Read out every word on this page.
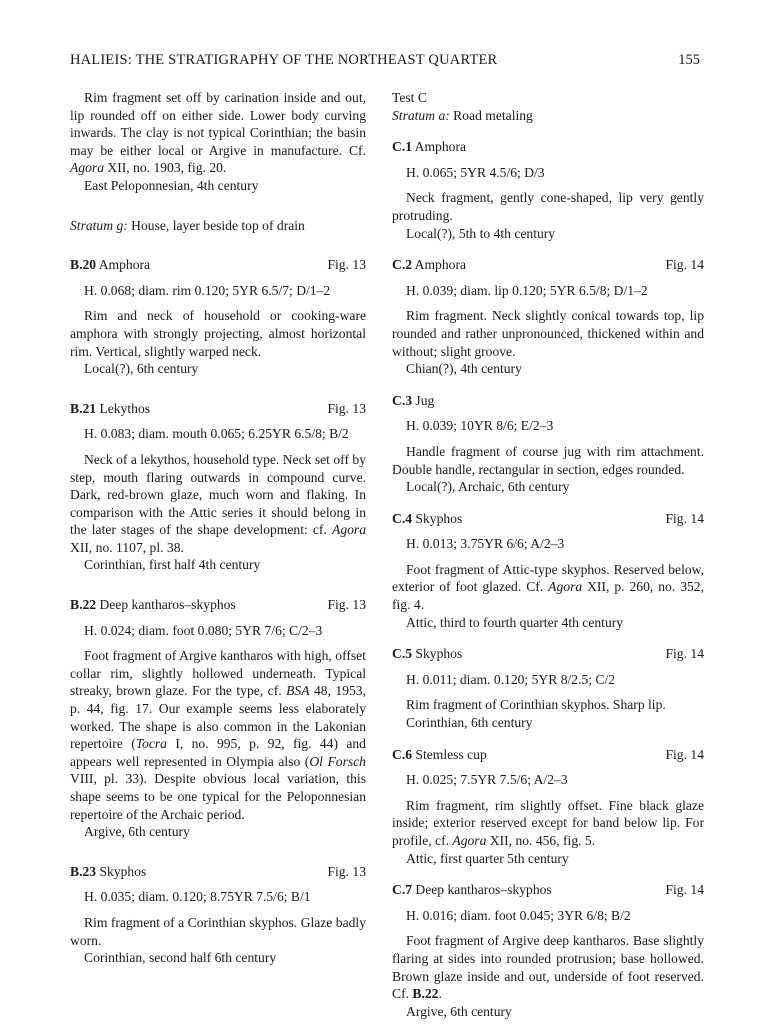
HALIEIS: THE STRATIGRAPHY OF THE NORTHEAST QUARTER	155
Rim fragment set off by carination inside and out, lip rounded off on either side. Lower body curving inwards. The clay is not typical Corinthian; the basin may be either local or Argive in manufacture. Cf. Agora XII, no. 1903, fig. 20.
East Peloponnesian, 4th century
Stratum g: House, layer beside top of drain
B.20 Amphora	Fig. 13
H. 0.068; diam. rim 0.120; 5YR 6.5/7; D/1–2
Rim and neck of household or cooking-ware amphora with strongly projecting, almost horizontal rim. Vertical, slightly warped neck.
Local(?), 6th century
B.21 Lekythos	Fig. 13
H. 0.083; diam. mouth 0.065; 6.25YR 6.5/8; B/2
Neck of a lekythos, household type. Neck set off by step, mouth flaring outwards in compound curve. Dark, red-brown glaze, much worn and flaking. In comparison with the Attic series it should belong in the later stages of the shape development: cf. Agora XII, no. 1107, pl. 38.
Corinthian, first half 4th century
B.22 Deep kantharos–skyphos	Fig. 13
H. 0.024; diam. foot 0.080; 5YR 7/6; C/2–3
Foot fragment of Argive kantharos with high, offset collar rim, slightly hollowed underneath. Typical streaky, brown glaze. For the type, cf. BSA 48, 1953, p. 44, fig. 17. Our example seems less elaborately worked. The shape is also common in the Lakonian repertoire (Tocra I, no. 995, p. 92, fig. 44) and appears well represented in Olympia also (Ol Forsch VIII, pl. 33). Despite obvious local variation, this shape seems to be one typical for the Peloponnesian repertoire of the Archaic period.
Argive, 6th century
B.23 Skyphos	Fig. 13
H. 0.035; diam. 0.120; 8.75YR 7.5/6; B/1
Rim fragment of a Corinthian skyphos. Glaze badly worn.
Corinthian, second half 6th century
Test C
Stratum a: Road metaling
C.1 Amphora
H. 0.065; 5YR 4.5/6; D/3
Neck fragment, gently cone-shaped, lip very gently protruding.
Local(?), 5th to 4th century
C.2 Amphora	Fig. 14
H. 0.039; diam. lip 0.120; 5YR 6.5/8; D/1–2
Rim fragment. Neck slightly conical towards top, lip rounded and rather unpronounced, thickened within and without; slight groove.
Chian(?), 4th century
C.3 Jug
H. 0.039; 10YR 8/6; E/2–3
Handle fragment of course jug with rim attachment. Double handle, rectangular in section, edges rounded.
Local(?), Archaic, 6th century
C.4 Skyphos	Fig. 14
H. 0.013; 3.75YR 6/6; A/2–3
Foot fragment of Attic-type skyphos. Reserved below, exterior of foot glazed. Cf. Agora XII, p. 260, no. 352, fig. 4.
Attic, third to fourth quarter 4th century
C.5 Skyphos	Fig. 14
H. 0.011; diam. 0.120; 5YR 8/2.5; C/2
Rim fragment of Corinthian skyphos. Sharp lip.
Corinthian, 6th century
C.6 Stemless cup	Fig. 14
H. 0.025; 7.5YR 7.5/6; A/2–3
Rim fragment, rim slightly offset. Fine black glaze inside; exterior reserved except for band below lip. For profile, cf. Agora XII, no. 456, fig. 5.
Attic, first quarter 5th century
C.7 Deep kantharos–skyphos	Fig. 14
H. 0.016; diam. foot 0.045; 3YR 6/8; B/2
Foot fragment of Argive deep kantharos. Base slightly flaring at sides into rounded protrusion; base hollowed. Brown glaze inside and out, underside of foot reserved. Cf. B.22.
Argive, 6th century
